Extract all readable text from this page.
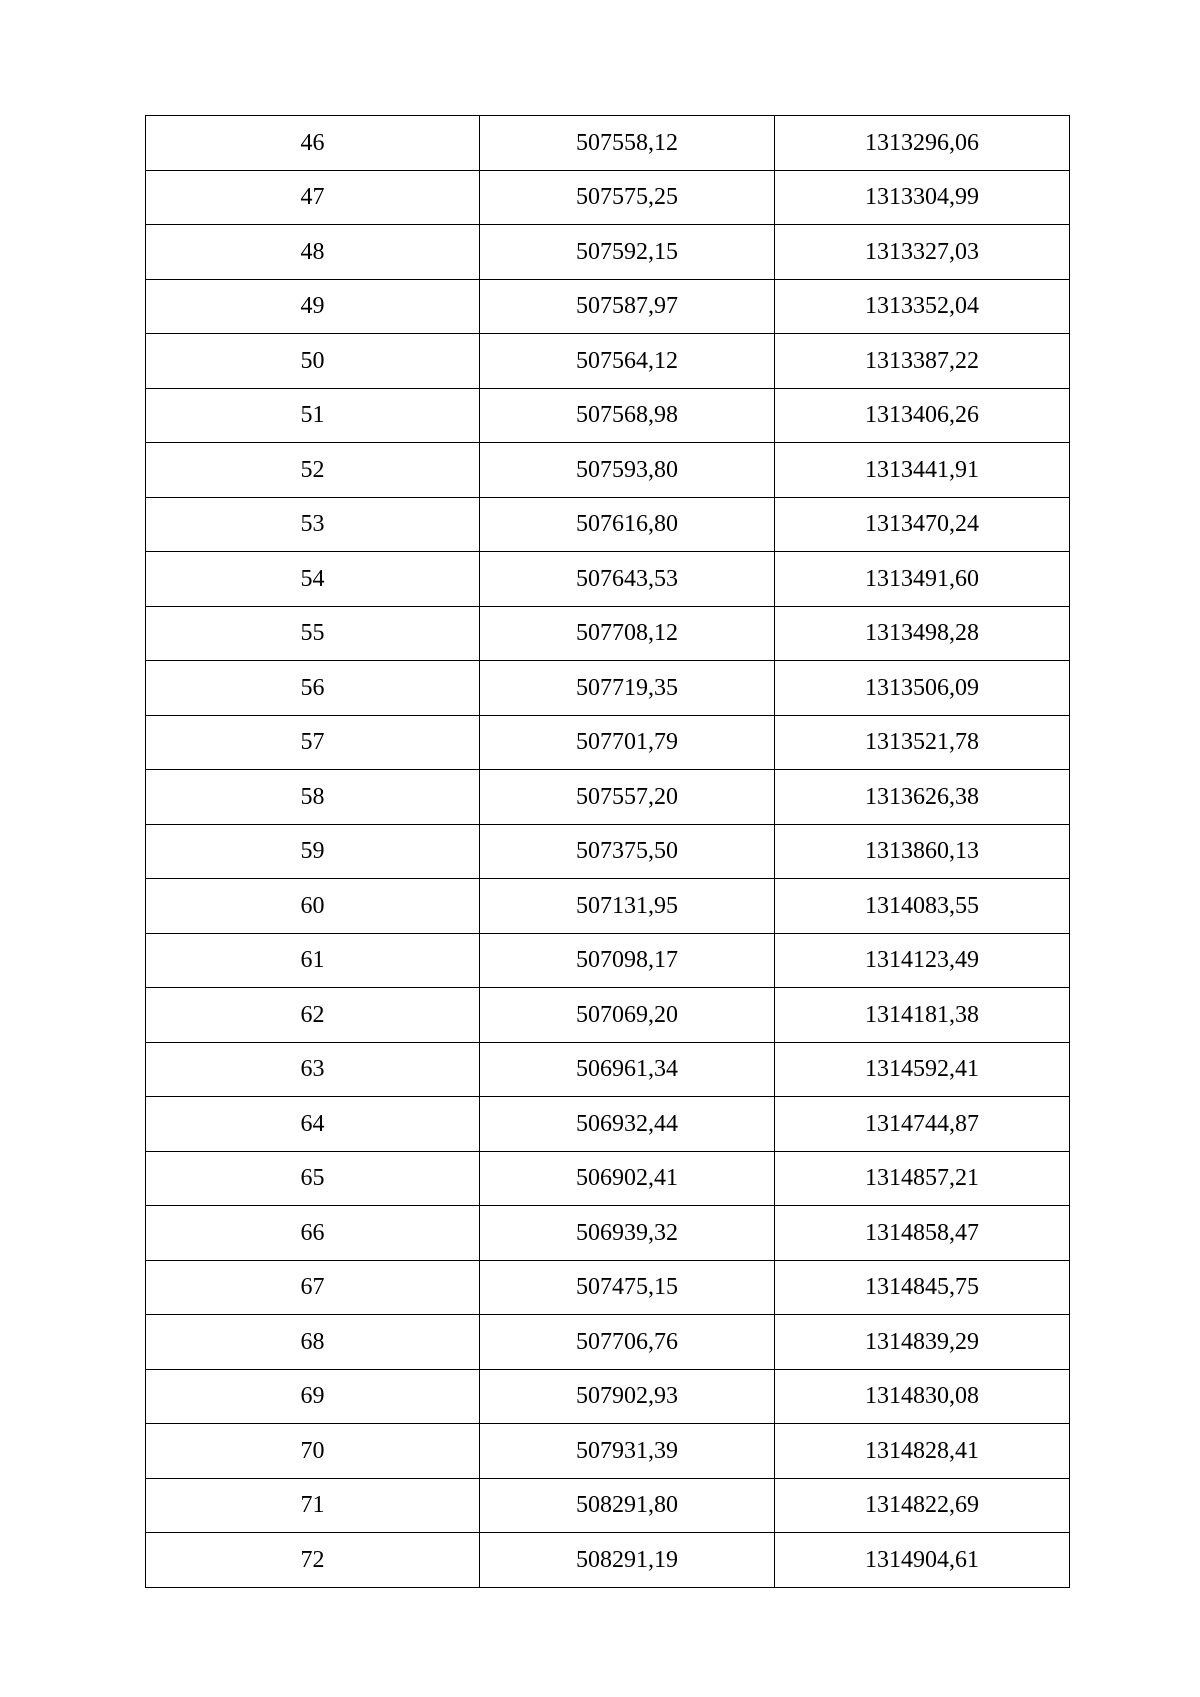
46	507558,12	1313296,06
47	507575,25	1313304,99
48	507592,15	1313327,03
49	507587,97	1313352,04
50	507564,12	1313387,22
51	507568,98	1313406,26
52	507593,80	1313441,91
53	507616,80	1313470,24
54	507643,53	1313491,60
55	507708,12	1313498,28
56	507719,35	1313506,09
57	507701,79	1313521,78
58	507557,20	1313626,38
59	507375,50	1313860,13
60	507131,95	1314083,55
61	507098,17	1314123,49
62	507069,20	1314181,38
63	506961,34	1314592,41
64	506932,44	1314744,87
65	506902,41	1314857,21
66	506939,32	1314858,47
67	507475,15	1314845,75
68	507706,76	1314839,29
69	507902,93	1314830,08
70	507931,39	1314828,41
71	508291,80	1314822,69
72	508291,19	1314904,61
